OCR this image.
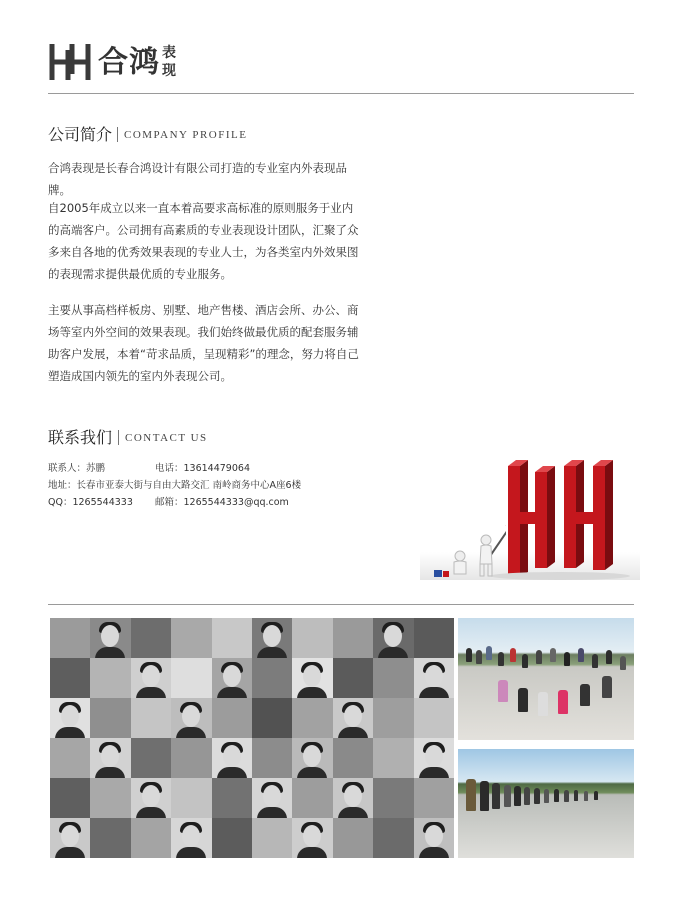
合鸿 表现
公司简介 COMPANY PROFILE

合鸿表现是长春合鸿设计有限公司打造的专业室内外表现品牌。

自2005年成立以来一直本着高要求高标准的原则服务于业内的高端客户。公司拥有高素质的专业表现设计团队，汇聚了众多来自各地的优秀效果表现的专业人士，为各类室内外效果图的表现需求提供最优质的专业服务。

主要从事高档样板房、别墅、地产售楼、酒店会所、办公、商场等室内外空间的效果表现。我们始终做最优质的配套服务辅助客户发展，本着“苛求品质，呈现精彩”的理念，努力将自己塑造成国内领先的室内外表现公司。

联系我们 CONTACT US
联系人：苏鹏	电话：13614479064
地址：长春市亚泰大街与自由大路交汇 南岭商务中心A座6楼
QQ：1265544333 邮箱：1265544333@qq.com
